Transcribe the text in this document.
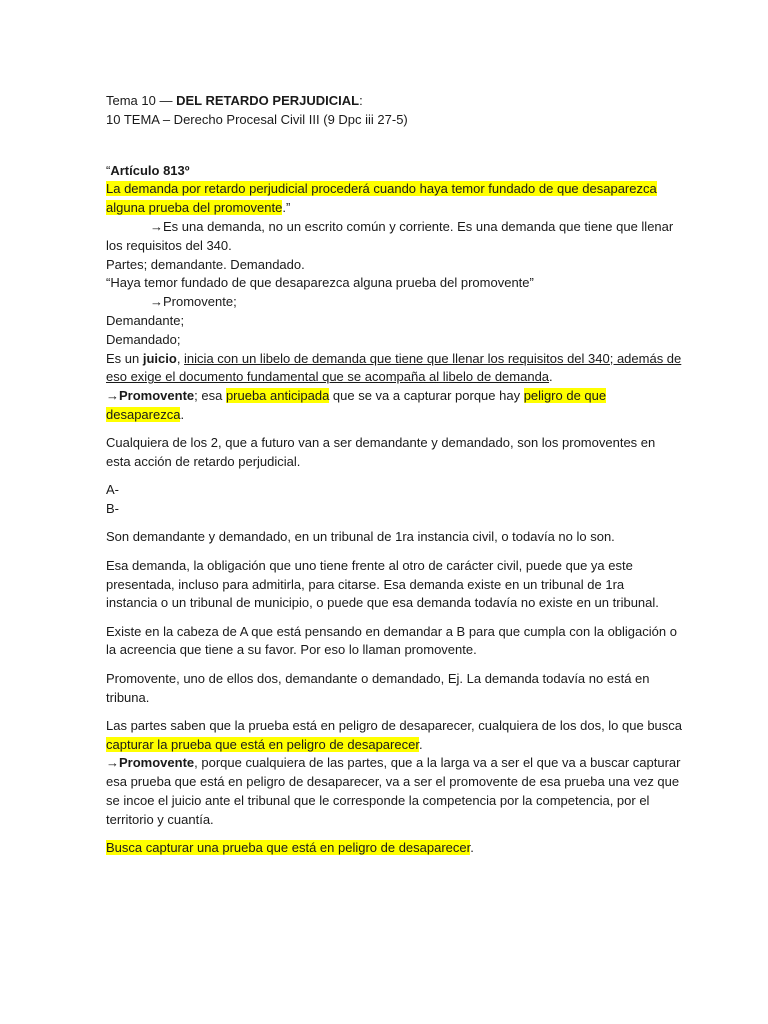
Tema 10 — DEL RETARDO PERJUDICIAL:
10 TEMA – Derecho Procesal Civil III (9 Dpc iii 27-5)
“Artículo 813º
La demanda por retardo perjudicial procederá cuando haya temor fundado de que desaparezca
alguna prueba del promovente.”
→Es una demanda, no un escrito común y corriente. Es una demanda que tiene que llenar
los requisitos del 340.
Partes; demandante. Demandado.
“Haya temor fundado de que desaparezca alguna prueba del promovente”
→Promovente;
Demandante;
Demandado;
Es un juicio, inicia con un libelo de demanda que tiene que llenar los requisitos del 340; además de
eso exige el documento fundamental que se acompaña al libelo de demanda.
→Promovente; esa prueba anticipada que se va a capturar porque hay peligro de que
desaparezca.
Cualquiera de los 2, que a futuro van a ser demandante y demandado, son los promoventes en
esta acción de retardo perjudicial.
A-
B-
Son demandante y demandado, en un tribunal de 1ra instancia civil, o todavía no lo son.
Esa demanda, la obligación que uno tiene frente al otro de carácter civil, puede que ya este
presentada, incluso para admitirla, para citarse. Esa demanda existe en un tribunal de 1ra
instancia o un tribunal de municipio, o puede que esa demanda todavía no existe en un tribunal.
Existe en la cabeza de A que está pensando en demandar a B para que cumpla con la obligación o
la acreencia que tiene a su favor. Por eso lo llaman promovente.
Promovente, uno de ellos dos, demandante o demandado, Ej. La demanda todavía no está en
tribuna.
Las partes saben que la prueba está en peligro de desaparecer, cualquiera de los dos, lo que busca
capturar la prueba que está en peligro de desaparecer.
→Promovente, porque cualquiera de las partes, que a la larga va a ser el que va a buscar capturar
esa prueba que está en peligro de desaparecer, va a ser el promovente de esa prueba una vez que
se incoe el juicio ante el tribunal que le corresponde la competencia por la competencia, por el
territorio y cuantía.
Busca capturar una prueba que está en peligro de desaparecer.
